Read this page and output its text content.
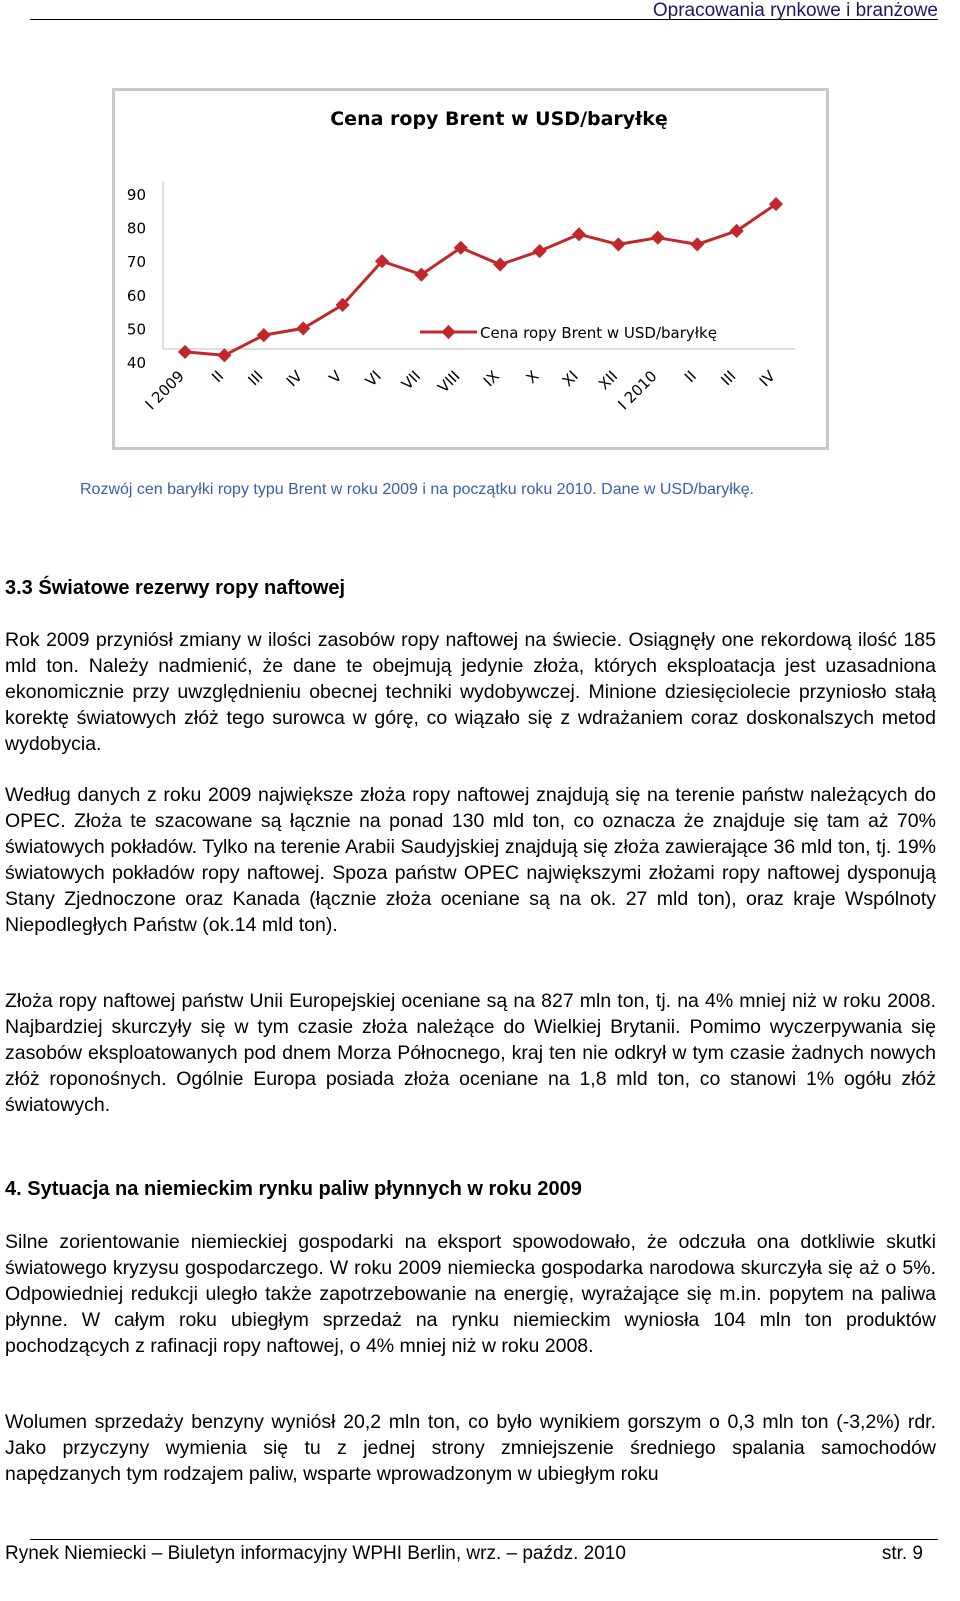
Opracowania rynkowe i branżowe
Cena ropy Brent w USD/baryłkę
90
80
70
60
50
40
I 2009 II III IV V VI VII VIII IX X XI XII
I 2010 II III IV
Cena ropy Brent w USD/baryłkę
Rozwój cen baryłki ropy typu Brent w roku 2009 i na początku roku 2010. Dane w USD/baryłkę.
3.3 Światowe rezerwy ropy naftowej
Rok 2009 przyniósł zmiany w ilości zasobów ropy naftowej na świecie. Osiągnęły one rekordową ilość 185 mld ton. Należy nadmienić, że dane te obejmują jedynie złoża, których eksploatacja jest uzasadniona ekonomicznie przy uwzględnieniu obecnej techniki wydobywczej. Minione dziesięciolecie przyniosło stałą korektę światowych złóż tego surowca w górę, co wiązało się z wdrażaniem coraz doskonalszych metod wydobycia.
Według danych z roku 2009 największe złoża ropy naftowej znajdują się na terenie państw należących do OPEC. Złoża te szacowane są łącznie na ponad 130 mld ton, co oznacza że znajduje się tam aż 70% światowych pokładów. Tylko na terenie Arabii Saudyjskiej znajdują się złoża zawierające 36 mld ton, tj. 19% światowych pokładów ropy naftowej. Spoza państw OPEC największymi złożami ropy naftowej dysponują Stany Zjednoczone oraz Kanada (łącznie złoża oceniane są na ok. 27 mld ton), oraz kraje Wspólnoty Niepodległych Państw (ok.14 mld ton).
Złoża ropy naftowej państw Unii Europejskiej oceniane są na 827 mln ton, tj. na 4% mniej niż w roku 2008. Najbardziej skurczyły się w tym czasie złoża należące do Wielkiej Brytanii. Pomimo wyczerpywania się zasobów eksploatowanych pod dnem Morza Północnego, kraj ten nie odkrył w tym czasie żadnych nowych złóż roponośnych. Ogólnie Europa posiada złoża oceniane na 1,8 mld ton, co stanowi 1% ogółu złóż światowych.
4. Sytuacja na niemieckim rynku paliw płynnych w roku 2009
Silne zorientowanie niemieckiej gospodarki na eksport spowodowało, że odczuła ona dotkliwie skutki światowego kryzysu gospodarczego. W roku 2009 niemiecka gospodarka narodowa skurczyła się aż o 5%. Odpowiedniej redukcji uległo także zapotrzebowanie na energię, wyrażające się m.in. popytem na paliwa płynne. W całym roku ubiegłym sprzedaż na rynku niemieckim wyniosła 104 mln ton produktów pochodzących z rafinacji ropy naftowej, o 4% mniej niż w roku 2008.
Wolumen sprzedaży benzyny wyniósł 20,2 mln ton, co było wynikiem gorszym o 0,3 mln ton (-3,2%) rdr. Jako przyczyny wymienia się tu z jednej strony zmniejszenie średniego spalania samochodów napędzanych tym rodzajem paliw, wsparte wprowadzonym w ubiegłym roku
Rynek Niemiecki – Biuletyn informacyjny WPHI Berlin, wrz. – paźdz. 2010	str. 9
